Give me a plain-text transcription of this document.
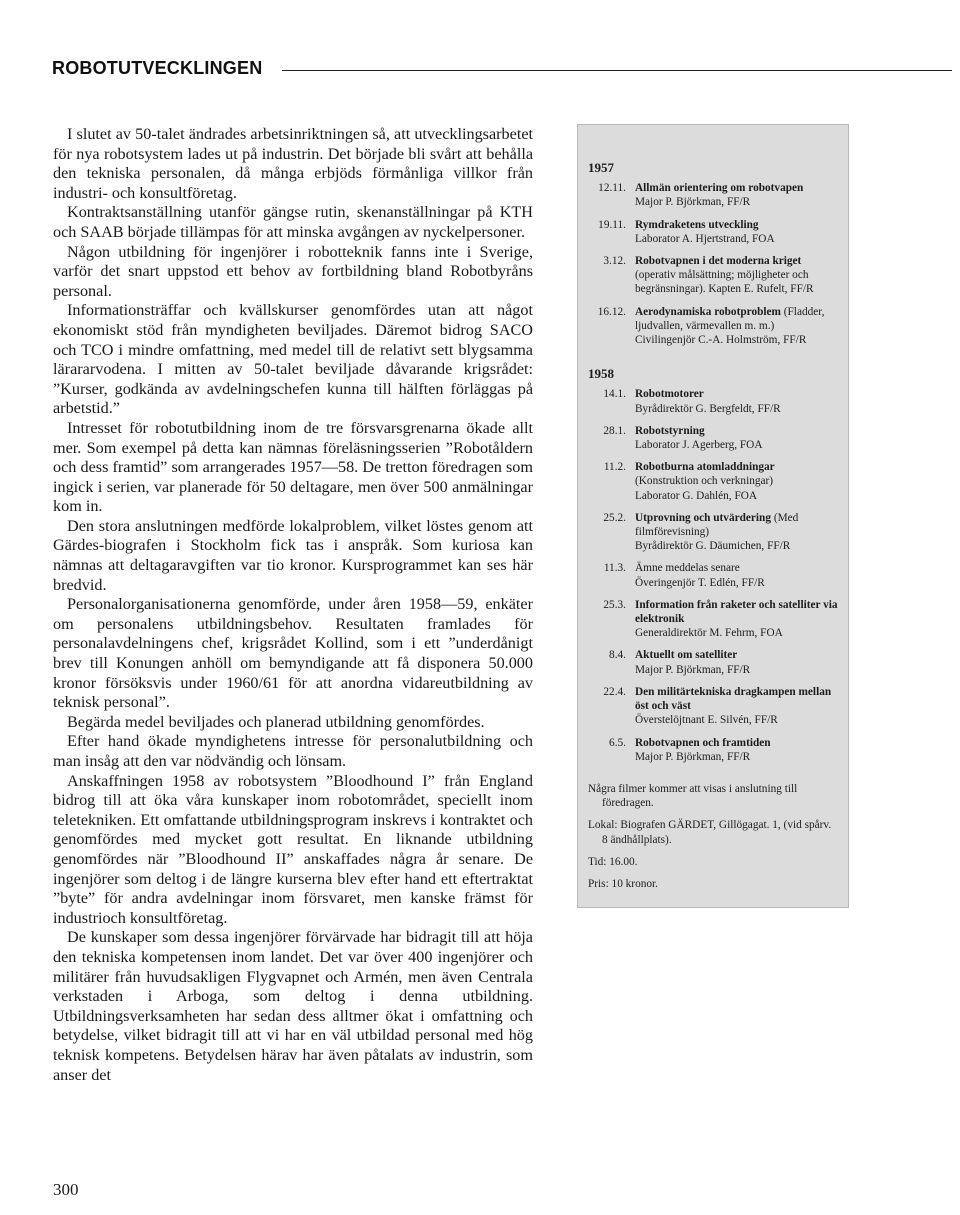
ROBOTUTVECKLINGEN

I slutet av 50-talet ändrades arbetsinriktningen så, att utvecklingsarbetet för nya robotsystem lades ut på industrin. Det började bli svårt att behålla den tekniska personalen, då många erbjöds förmånliga villkor från industri- och konsultföretag.

Kontraktsanställning utanför gängse rutin, skenanställningar på KTH och SAAB började tillämpas för att minska avgången av nyckelpersoner.

Någon utbildning för ingenjörer i robotteknik fanns inte i Sverige, varför det snart uppstod ett behov av fortbildning bland Robotbyråns personal.

Informationsträffar och kvällskurser genomfördes utan att något ekonomiskt stöd från myndigheten beviljades. Däremot bidrog SACO och TCO i mindre omfattning, med medel till de relativt sett blygsamma lärararvodena. I mitten av 50-talet beviljade dåvarande krigsrådet: ”Kurser, godkända av avdelningschefen kunna till hälften förläggas på arbetstid.”

Intresset för robotutbildning inom de tre försvarsgrenarna ökade allt mer. Som exempel på detta kan nämnas föreläsningsserien ”Robotåldern och dess framtid” som arrangerades 1957—58. De tretton föredragen som ingick i serien, var planerade för 50 deltagare, men över 500 anmälningar kom in.

Den stora anslutningen medförde lokalproblem, vilket löstes genom att Gärdes-biografen i Stockholm fick tas i anspråk. Som kuriosa kan nämnas att deltagaravgiften var tio kronor. Kursprogrammet kan ses här bredvid.

Personalorganisationerna genomförde, under åren 1958—59, enkäter om personalens utbildningsbehov. Resultaten framlades för personalavdelningens chef, krigsrådet Kollind, som i ett ”underdånigt brev till Konungen anhöll om bemyndigande att få disponera 50.000 kronor försöksvis under 1960/61 för att anordna vidareutbildning av teknisk personal”.

Begärda medel beviljades och planerad utbildning genomfördes.

Efter hand ökade myndighetens intresse för personalutbildning och man insåg att den var nödvändig och lönsam.

Anskaffningen 1958 av robotsystem ”Bloodhound I” från England bidrog till att öka våra kunskaper inom robotområdet, speciellt inom teletekniken. Ett omfattande utbildningsprogram inskrevs i kontraktet och genomfördes med mycket gott resultat. En liknande utbildning genomfördes när ”Bloodhound II” anskaffades några år senare. De ingenjörer som deltog i de längre kurserna blev efter hand ett eftertraktat ”byte” för andra avdelningar inom försvaret, men kanske främst för industrioch konsultföretag.

De kunskaper som dessa ingenjörer förvärvade har bidragit till att höja den tekniska kompetensen inom landet. Det var över 400 ingenjörer och militärer från huvudsakligen Flygvapnet och Armén, men även Centrala verkstaden i Arboga, som deltog i denna utbildning. Utbildningsverksamheten har sedan dess alltmer ökat i omfattning och betydelse, vilket bidragit till att vi har en väl utbildad personal med hög teknisk kompetens. Betydelsen härav har även påtalats av industrin, som anser det

1957
12.11. Allmän orientering om robotvapen
Major P. Björkman, FF/R
19.11. Rymdraketens utveckling
Laborator A. Hjertstrand, FOA
3.12. Robotvapnen i det moderna kriget (operativ målsättning; möjligheter och begränsningar). Kapten E. Rufelt, FF/R
16.12. Aerodynamiska robotproblem (Fladder, ljudvallen, värmevallen m. m.)
Civilingenjör C.-A. Holmström, FF/R
1958
14.1. Robotmotorer
Byrådirektör G. Bergfeldt, FF/R
28.1. Robotstyrning
Laborator J. Agerberg, FOA
11.2. Robotburna atomladdningar (Konstruktion och verkningar)
Laborator G. Dahlén, FOA
25.2. Utprovning och utvärdering (Med filmförevisning)
Byrådirektör G. Däumichen, FF/R
11.3. Ämne meddelas senare
Överingenjör T. Edlén, FF/R
25.3. Information från raketer och satelliter via elektronik
Generaldirektör M. Fehrm, FOA
8.4. Aktuellt om satelliter
Major P. Björkman, FF/R
22.4. Den militärtekniska dragkampen mellan öst och väst
Överstelöjtnant E. Silvén, FF/R
6.5. Robotvapnen och framtiden
Major P. Björkman, FF/R

Några filmer kommer att visas i anslutning till föredragen.

Lokal: Biografen GÄRDET, Gillögagat. 1, (vid spårv. 8 ändhållplats).

Tid: 16.00.

Pris: 10 kronor.

300
